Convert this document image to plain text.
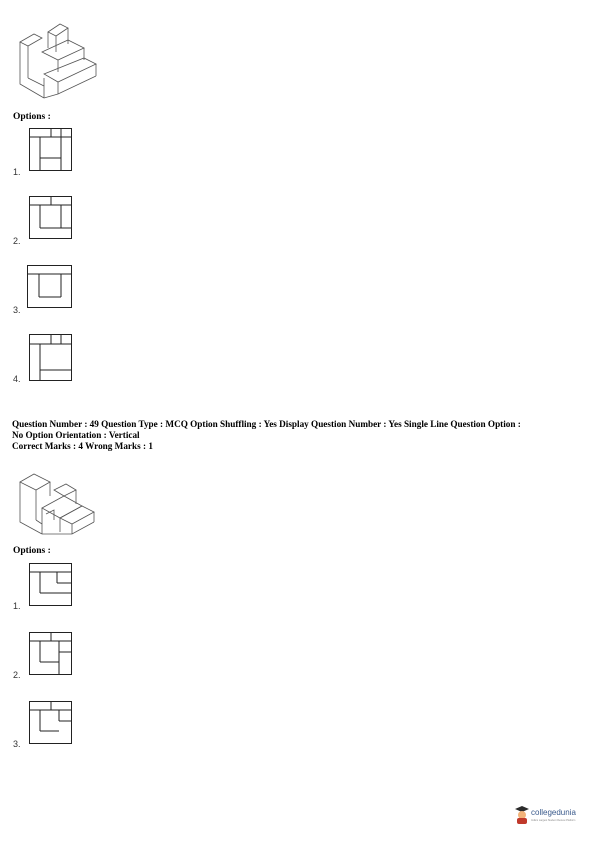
Options :
1.
2.
3.
4.
Question Number : 49 Question Type : MCQ Option Shuffling : Yes Display Question Number : Yes Single Line Question Option :
No Option Orientation : Vertical
Correct Marks : 4 Wrong Marks : 1
Options :
1.
2.
3.
collegedunia
India's Largest Student Review Platform
